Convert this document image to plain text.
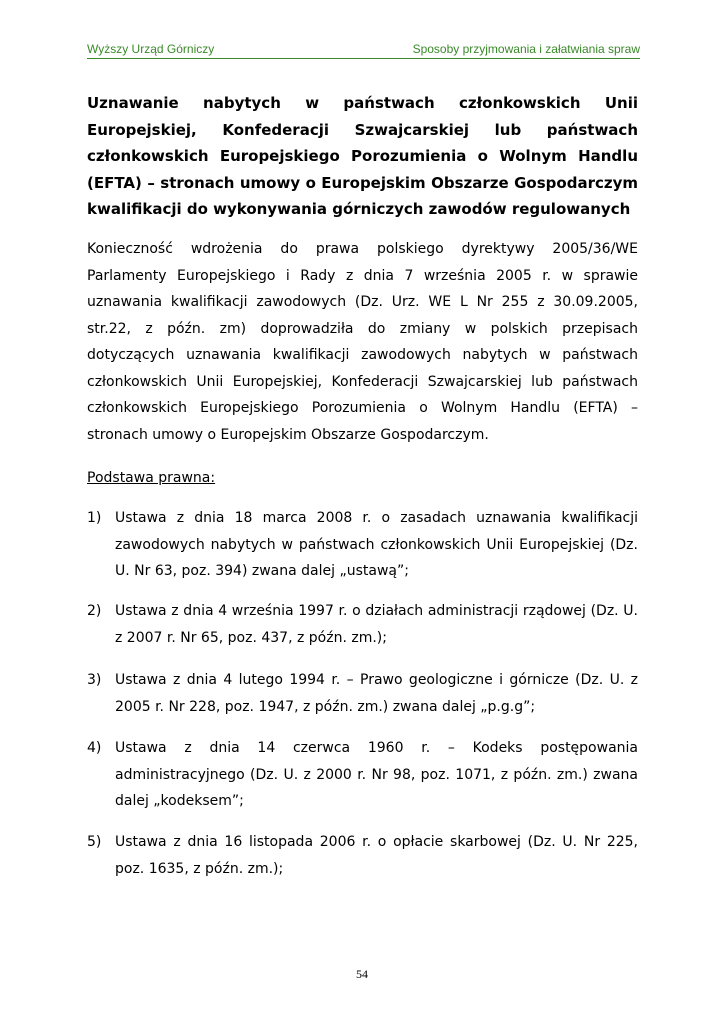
Wyższy Urząd Górniczy	Sposoby przyjmowania i załatwiania spraw
Uznawanie nabytych w państwach członkowskich Unii Europejskiej, Konfederacji Szwajcarskiej lub państwach członkowskich Europejskiego Porozumienia o Wolnym Handlu (EFTA) – stronach umowy o Europejskim Obszarze Gospodarczym kwalifikacji do wykonywania górniczych zawodów regulowanych

Konieczność wdrożenia do prawa polskiego dyrektywy 2005/36/WE Parlamenty Europejskiego i Rady z dnia 7 września 2005 r. w sprawie uznawania kwalifikacji zawodowych (Dz. Urz. WE L Nr 255 z 30.09.2005, str.22, z późn. zm) doprowadziła do zmiany w polskich przepisach dotyczących uznawania kwalifikacji zawodowych nabytych w państwach członkowskich Unii Europejskiej, Konfederacji Szwajcarskiej lub państwach członkowskich Europejskiego Porozumienia o Wolnym Handlu (EFTA) – stronach umowy o Europejskim Obszarze Gospodarczym.

Podstawa prawna:

1) Ustawa z dnia 18 marca 2008 r. o zasadach uznawania kwalifikacji zawodowych nabytych w państwach członkowskich Unii Europejskiej (Dz. U. Nr 63, poz. 394) zwana dalej „ustawą”;
2) Ustawa z dnia 4 września 1997 r. o działach administracji rządowej (Dz. U. z 2007 r. Nr 65, poz. 437, z późn. zm.);
3) Ustawa z dnia 4 lutego 1994 r. – Prawo geologiczne i górnicze (Dz. U. z 2005 r. Nr 228, poz. 1947, z późn. zm.) zwana dalej „p.g.g”;
4) Ustawa z dnia 14 czerwca 1960 r. – Kodeks postępowania administracyjnego (Dz. U. z 2000 r. Nr 98, poz. 1071, z późn. zm.) zwana dalej „kodeksem”;
5) Ustawa z dnia 16 listopada 2006 r. o opłacie skarbowej (Dz. U. Nr 225, poz. 1635, z późn. zm.);
54
